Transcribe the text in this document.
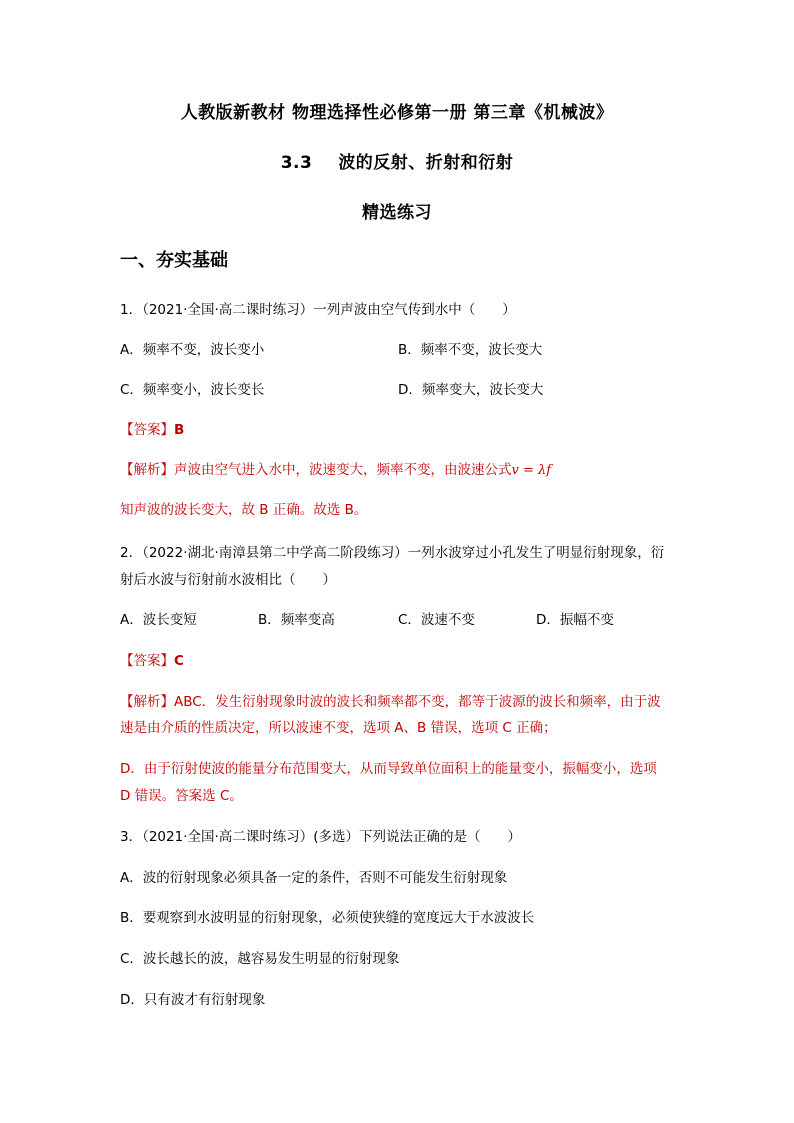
人教版新教材 物理选择性必修第一册 第三章《机械波》
3.3 波的反射、折射和衍射
精选练习
一、夯实基础
1．（2021·全国·高二课时练习）一列声波由空气传到水中（　　）
A．频率不变，波长变小	B．频率不变，波长变大
C．频率变小，波长变长	D．频率变大，波长变大
【答案】B
【解析】声波由空气进入水中，波速变大，频率不变，由波速公式v = λf
知声波的波长变大，故 B 正确。故选 B。
2．（2022·湖北·南漳县第二中学高二阶段练习）一列水波穿过小孔发生了明显衍射现象，衍
射后水波与衍射前水波相比（　　）
A．波长变短	B．频率变高	C．波速不变	D．振幅不变
【答案】C
【解析】ABC．发生衍射现象时波的波长和频率都不变，都等于波源的波长和频率，由于波
速是由介质的性质决定，所以波速不变，选项 A、B 错误，选项 C 正确；
D．由于衍射使波的能量分布范围变大，从而导致单位面积上的能量变小，振幅变小，选项
D 错误。答案选 C。
3．（2021·全国·高二课时练习）(多选）下列说法正确的是（　　）
A．波的衍射现象必须具备一定的条件，否则不可能发生衍射现象
B．要观察到水波明显的衍射现象，必须使狭缝的宽度远大于水波波长
C．波长越长的波，越容易发生明显的衍射现象
D．只有波才有衍射现象
